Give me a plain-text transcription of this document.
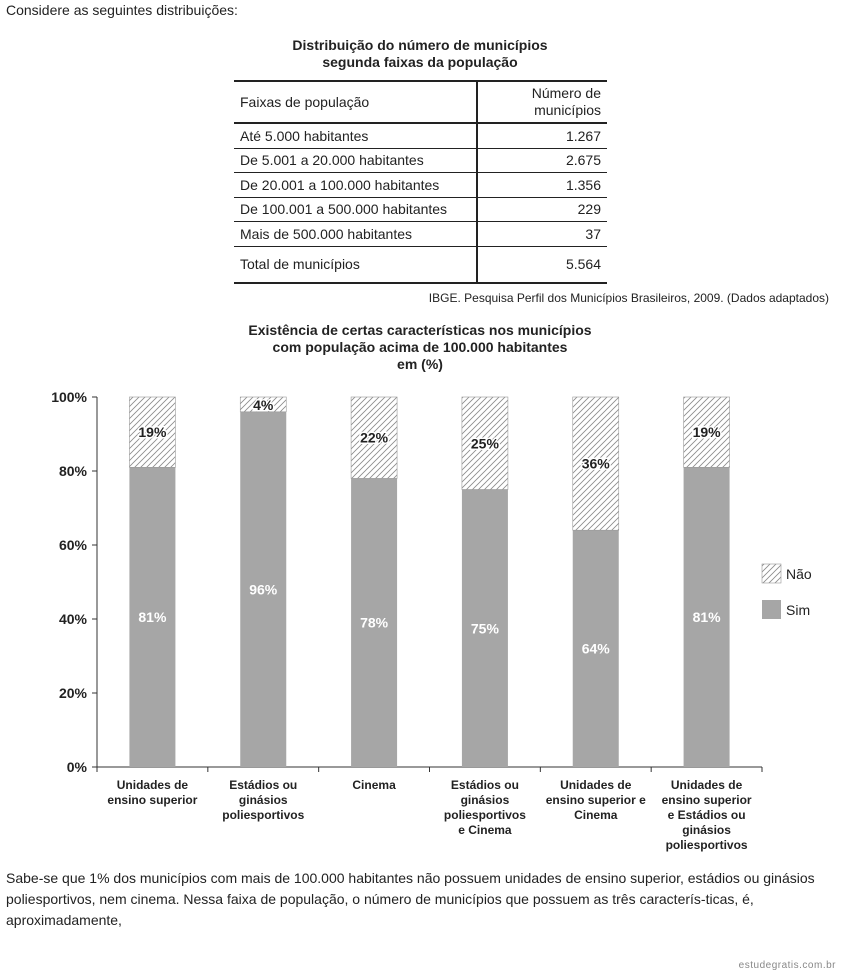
Considere as seguintes distribuições:
Distribuição do número de municípios
segunda faixas da população
Faixas de população	Número de
municípios

Até 5.000 habitantes	1.267
De 5.001 a 20.000 habitantes	2.675
De 20.001 a 100.000 habitantes	1.356
De 100.001 a 500.000 habitantes	229
Mais de 500.000 habitantes	37
Total de municípios	5.564
IBGE. Pesquisa Perfil dos Municípios Brasileiros, 2009. (Dados adaptados)
Existência de certas características nos municípios
com população acima de 100.000 habitantes
em (%)
0%
20%
40%
60%
80%
100%
81%
19%
Unidades de
ensino superior
96%
4%
Estádios ou
ginásios
poliesportivos
78%
22%
Cinema
75%
25%
Estádios ou
ginásios
poliesportivos
e Cinema
64%
36%
Unidades de
ensino superior e
Cinema
81%
19%
Unidades de
ensino superior
e Estádios ou
ginásios
poliesportivos
Não
Sim
Sabe-se que 1% dos municípios com mais de 100.000 habitantes não possuem unidades de ensino superior, estádios ou ginásios poliesportivos, nem cinema. Nessa faixa de população, o número de municípios que possuem as três caracterís-ticas, é, aproximadamente,
estudegratis.com.br
